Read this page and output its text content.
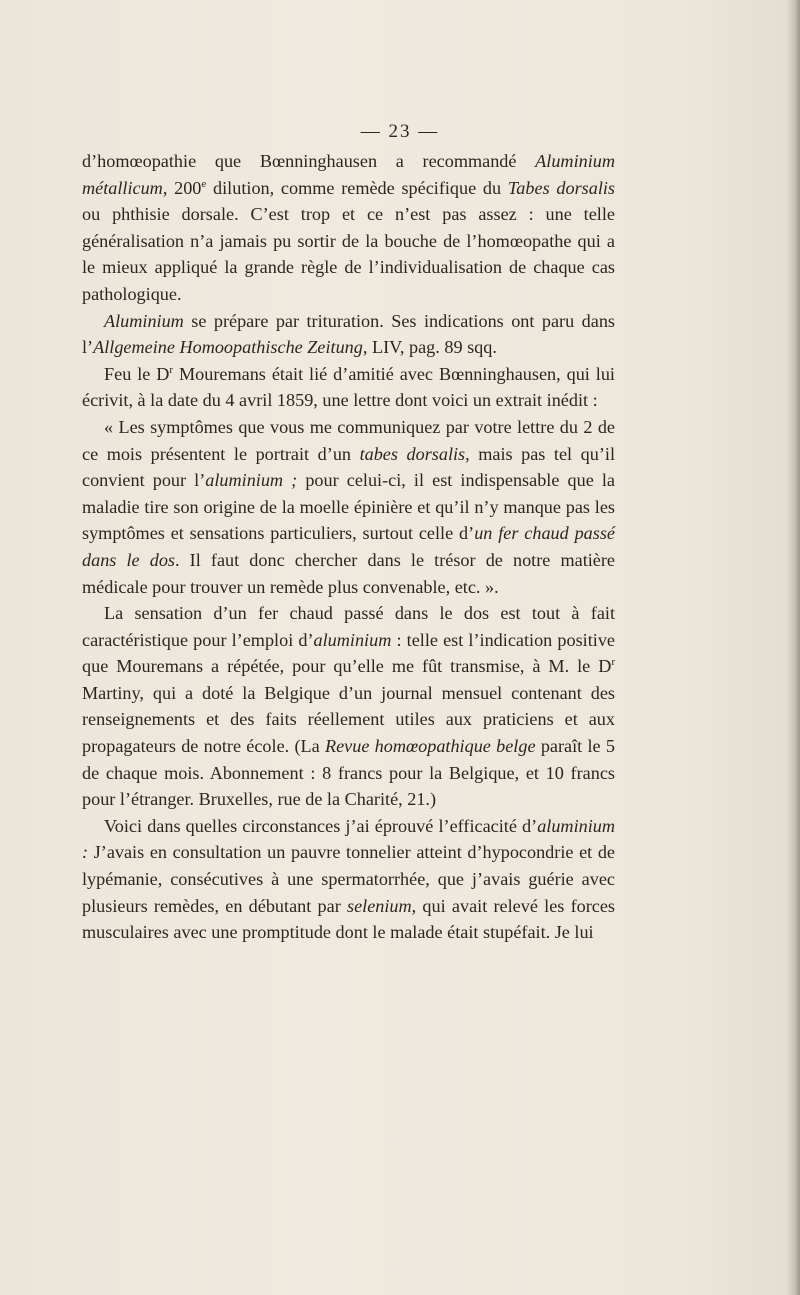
— 23 —

d’homœopathie que Bœnninghausen a recommandé Aluminium métallicum, 200e dilution, comme remède spécifique du Tabes dorsalis ou phthisie dorsale. C’est trop et ce n’est pas assez : une telle généralisation n’a jamais pu sortir de la bouche de l’homœopathe qui a le mieux appliqué la grande règle de l’individualisation de chaque cas pathologique.

Aluminium se prépare par trituration. Ses indications ont paru dans l’Allgemeine Homoopathische Zeitung, LIV, pag. 89 sqq.

Feu le $D^r$ Mouremans était lié d’amitié avec Bœnninghausen, qui lui écrivit, à la date du 4 avril 1859, une lettre dont voici un extrait inédit :

« Les symptômes que vous me communiquez par votre lettre du 2 de ce mois présentent le portrait d’un tabes dorsalis, mais pas tel qu’il convient pour l’aluminium ; pour celui-ci, il est indispensable que la maladie tire son origine de la moelle épinière et qu’il n’y manque pas les symptômes et sensations particuliers, surtout celle d’un fer chaud passé dans le dos. Il faut donc chercher dans le trésor de notre matière médicale pour trouver un remède plus convenable, etc. ».

La sensation d’un fer chaud passé dans le dos est tout à fait caractéristique pour l’emploi d’aluminium : telle est l’indication positive que Mouremans a répétée, pour qu’elle me fût transmise, à M. le $D^r$ Martiny, qui a doté la Belgique d’un journal mensuel contenant des renseignements et des faits réellement utiles aux praticiens et aux propagateurs de notre école. (La Revue homœopathique belge paraît le 5 de chaque mois. Abonnement : 8 francs pour la Belgique, et 10 francs pour l’étranger. Bruxelles, rue de la Charité, 21.)

Voici dans quelles circonstances j’ai éprouvé l’efficacité d’aluminium : J’avais en consultation un pauvre tonnelier atteint d’hypocondrie et de lypémanie, consécutives à une spermatorrhée, que j’avais guérie avec plusieurs remèdes, en débutant par selenium, qui avait relevé les forces musculaires avec une promptitude dont le malade était stupéfait. Je lui
